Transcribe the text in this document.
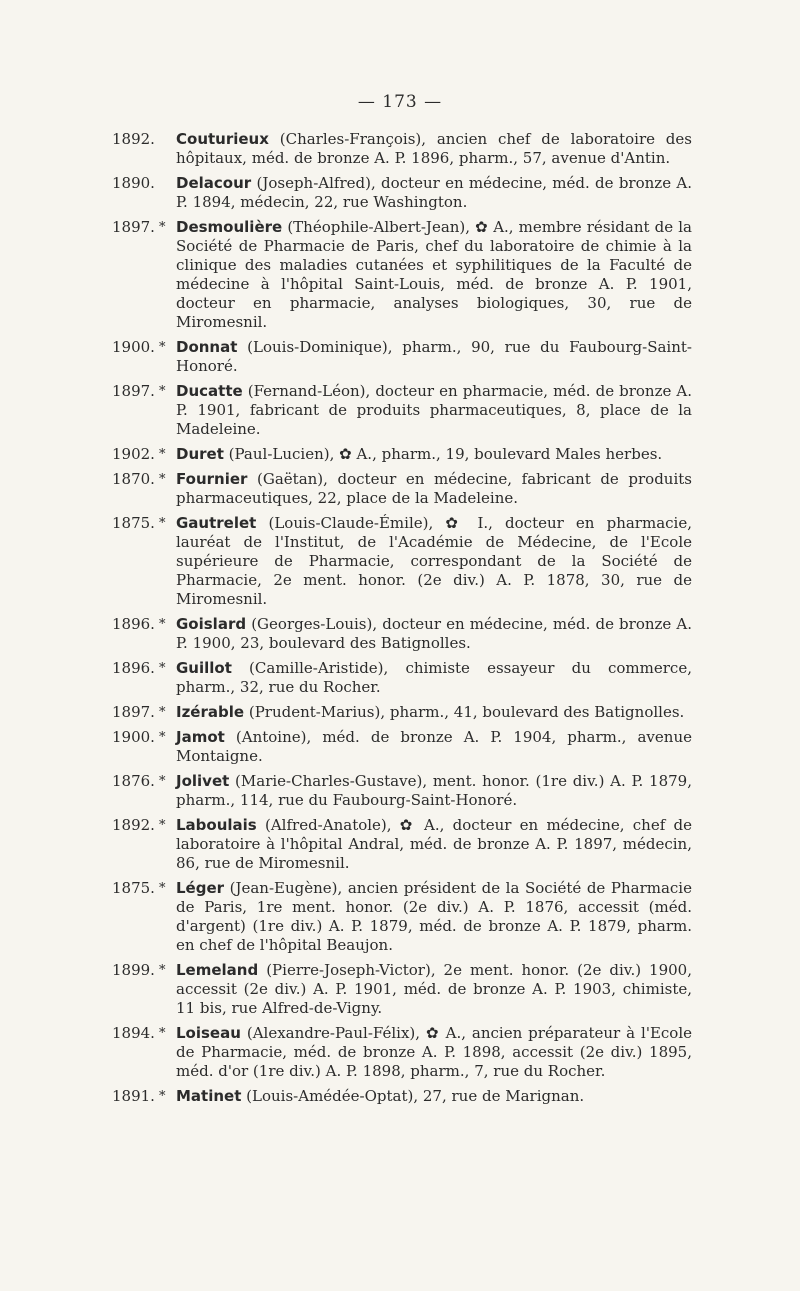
— 173 —
1892. Couturieux (Charles-François), ancien chef de laboratoire des hôpitaux, méd. de bronze A. P. 1896, pharm., 57, avenue d'Antin.
1890. Delacour (Joseph-Alfred), docteur en médecine, méd. de bronze A. P. 1894, médecin, 22, rue Washington.
1897. * Desmoulière (Théophile-Albert-Jean), ✿ A., membre résidant de la Société de Pharmacie de Paris, chef du laboratoire de chimie à la clinique des maladies cutanées et syphilitiques de la Faculté de médecine à l'hôpital Saint-Louis, méd. de bronze A. P. 1901, docteur en pharmacie, analyses biologiques, 30, rue de Miromesnil.
1900. * Donnat (Louis-Dominique), pharm., 90, rue du Faubourg-Saint-Honoré.
1897. * Ducatte (Fernand-Léon), docteur en pharmacie, méd. de bronze A. P. 1901, fabricant de produits pharmaceutiques, 8, place de la Madeleine.
1902. * Duret (Paul-Lucien), ✿ A., pharm., 19, boulevard Males herbes.
1870. * Fournier (Gaëtan), docteur en médecine, fabricant de produits pharmaceutiques, 22, place de la Madeleine.
1875. * Gautrelet (Louis-Claude-Émile), ✿ I., docteur en pharmacie, lauréat de l'Institut, de l'Académie de Médecine, de l'Ecole supérieure de Pharmacie, correspondant de la Société de Pharmacie, 2e ment. honor. (2e div.) A. P. 1878, 30, rue de Miromesnil.
1896. * Goislard (Georges-Louis), docteur en médecine, méd. de bronze A. P. 1900, 23, boulevard des Batignolles.
1896. * Guillot (Camille-Aristide), chimiste essayeur du commerce, pharm., 32, rue du Rocher.
1897. * Izérable (Prudent-Marius), pharm., 41, boulevard des Batignolles.
1900. * Jamot (Antoine), méd. de bronze A. P. 1904, pharm., avenue Montaigne.
1876. * Jolivet (Marie-Charles-Gustave), ment. honor. (1re div.) A. P. 1879, pharm., 114, rue du Faubourg-Saint-Honoré.
1892. * Laboulais (Alfred-Anatole), ✿ A., docteur en médecine, chef de laboratoire à l'hôpital Andral, méd. de bronze A. P. 1897, médecin, 86, rue de Miromesnil.
1875. * Léger (Jean-Eugène), ancien président de la Société de Pharmacie de Paris, 1re ment. honor. (2e div.) A. P. 1876, accessit (méd. d'argent) (1re div.) A. P. 1879, méd. de bronze A. P. 1879, pharm. en chef de l'hôpital Beaujon.
1899. * Lemeland (Pierre-Joseph-Victor), 2e ment. honor. (2e div.) 1900, accessit (2e div.) A. P. 1901, méd. de bronze A. P. 1903, chimiste, 11 bis, rue Alfred-de-Vigny.
1894. * Loiseau (Alexandre-Paul-Félix), ✿ A., ancien préparateur à l'Ecole de Pharmacie, méd. de bronze A. P. 1898, accessit (2e div.) 1895, méd. d'or (1re div.) A. P. 1898, pharm., 7, rue du Rocher.
1891. * Matinet (Louis-Amédée-Optat), 27, rue de Marignan.
